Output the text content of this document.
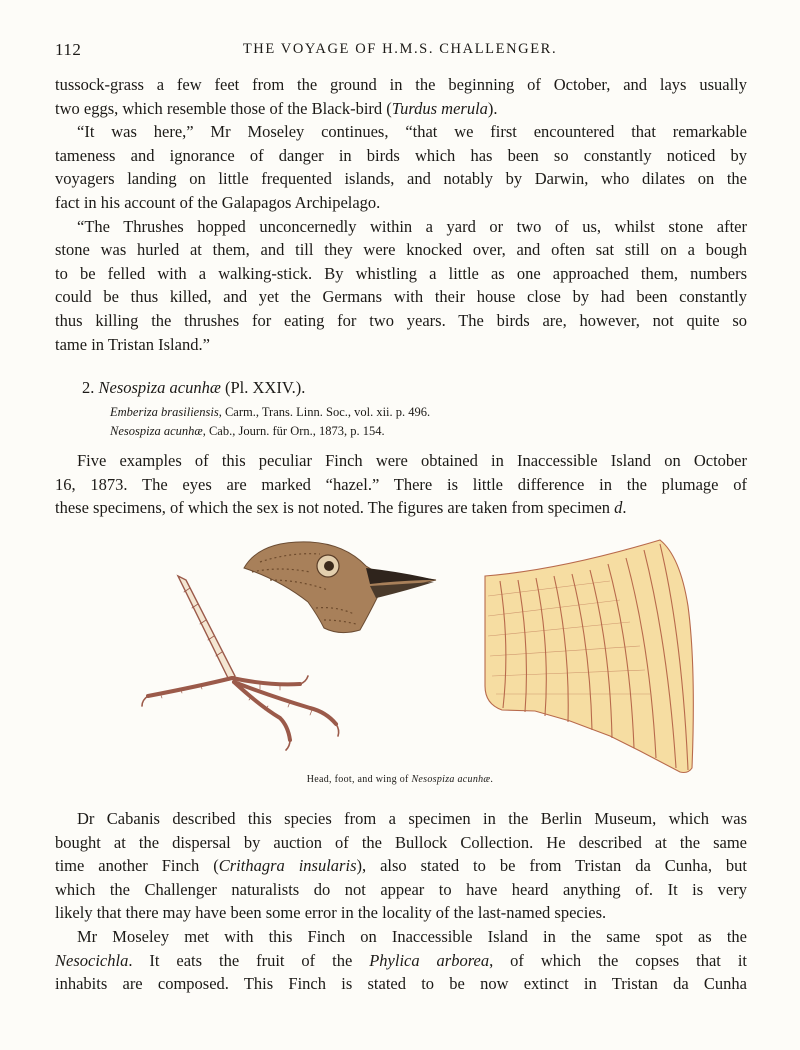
112	THE VOYAGE OF H.M.S. CHALLENGER.
tussock-grass a few feet from the ground in the beginning of October, and lays usually
two eggs, which resemble those of the Black-bird (Turdus merula).
“It was here,” Mr Moseley continues, “that we first encountered that remarkable
tameness and ignorance of danger in birds which has been so constantly noticed by
voyagers landing on little frequented islands, and notably by Darwin, who dilates on the
fact in his account of the Galapagos Archipelago.
“The Thrushes hopped unconcernedly within a yard or two of us, whilst stone after
stone was hurled at them, and till they were knocked over, and often sat still on a bough
to be felled with a walking-stick. By whistling a little as one approached them, numbers
could be thus killed, and yet the Germans with their house close by had been constantly
thus killing the thrushes for eating for two years. The birds are, however, not quite so
tame in Tristan Island.”
2. Nesospiza acunhæ (Pl. XXIV.).
Emberiza brasiliensis, Carm., Trans. Linn. Soc., vol. xii. p. 496.
Nesospiza acunhæ, Cab., Journ. für Orn., 1873, p. 154.
Five examples of this peculiar Finch were obtained in Inaccessible Island on October
16, 1873. The eyes are marked “hazel.” There is little difference in the plumage of
these specimens, of which the sex is not noted. The figures are taken from specimen d.
Head, foot, and wing of Nesospiza acunhæ.
Dr Cabanis described this species from a specimen in the Berlin Museum, which was
bought at the dispersal by auction of the Bullock Collection. He described at the same
time another Finch (Crithagra insularis), also stated to be from Tristan da Cunha, but
which the Challenger naturalists do not appear to have heard anything of. It is very
likely that there may have been some error in the locality of the last-named species.
Mr Moseley met with this Finch on Inaccessible Island in the same spot as the
Nesocichla. It eats the fruit of the Phylica arborea, of which the copses that it
inhabits are composed. This Finch is stated to be now extinct in Tristan da Cunha
